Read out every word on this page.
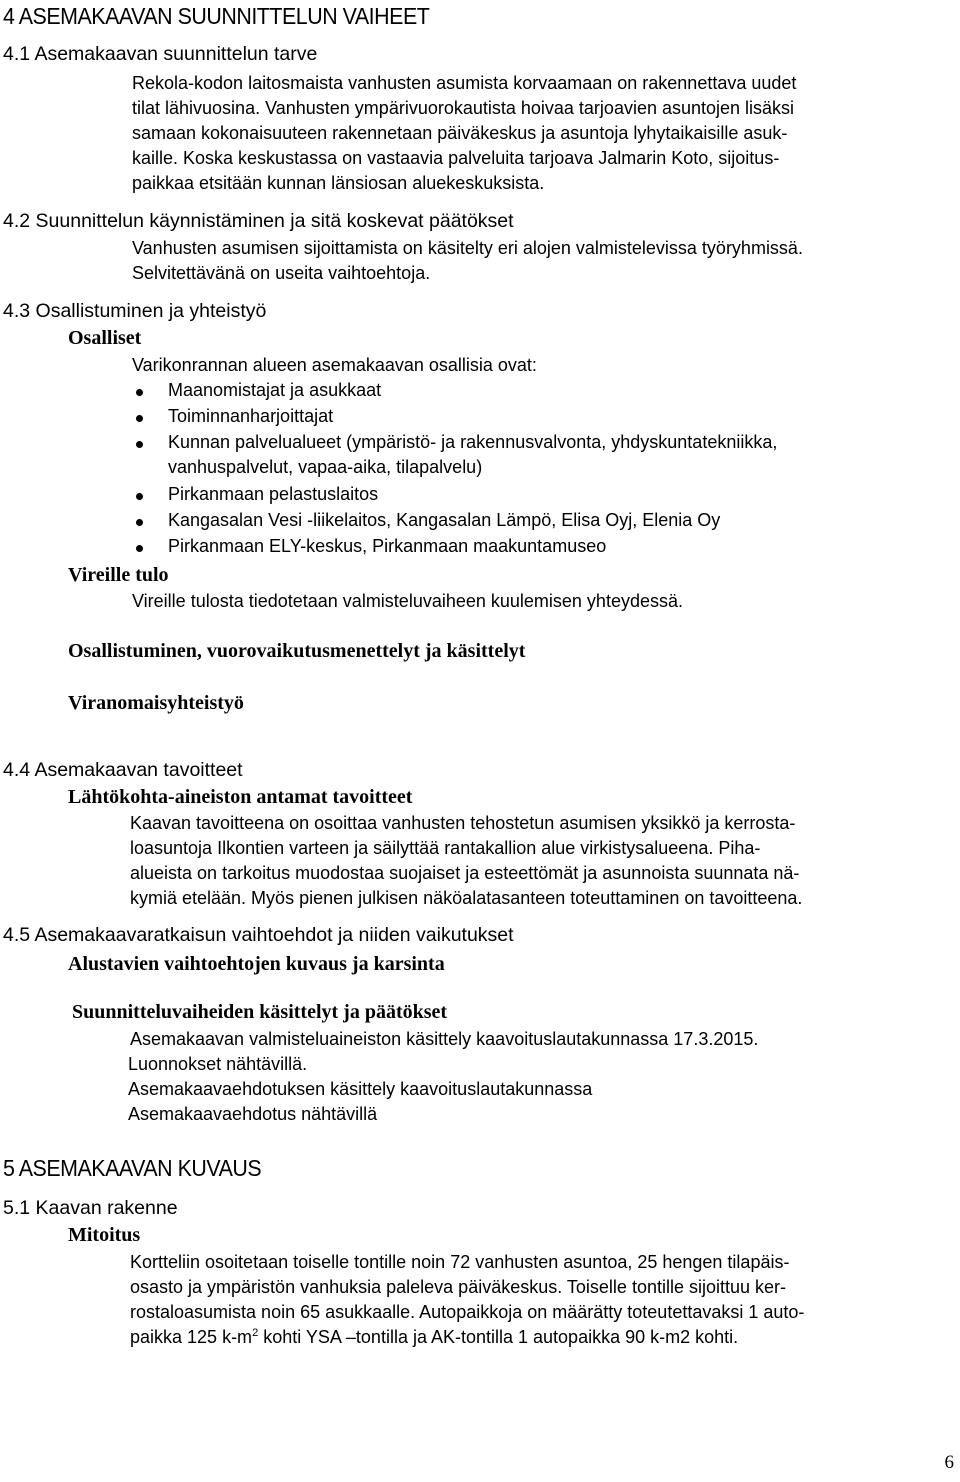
4 ASEMAKAAVAN SUUNNITTELUN VAIHEET
4.1 Asemakaavan suunnittelun tarve
Rekola-kodon laitosmaista vanhusten asumista korvaamaan on rakennettava uudet
tilat lähivuosina. Vanhusten ympärivuorokautista hoivaa tarjoavien asuntojen lisäksi
samaan kokonaisuuteen rakennetaan päiväkeskus ja asuntoja lyhytaikaisille asuk-
kaille. Koska keskustassa on vastaavia palveluita tarjoava Jalmarin Koto, sijoitus-
paikkaa etsitään kunnan länsiosan aluekeskuksista.
4.2 Suunnittelun käynnistäminen ja sitä koskevat päätökset
Vanhusten asumisen sijoittamista on käsitelty eri alojen valmistelevissa työryhmissä.
Selvitettävänä on useita vaihtoehtoja.
4.3 Osallistuminen ja yhteistyö
Osalliset
Varikonrannan alueen asemakaavan osallisia ovat:
Maanomistajat ja asukkaat
Toiminnanharjoittajat
Kunnan palvelualueet (ympäristö- ja rakennusvalvonta, yhdyskuntatekniikka,
vanhuspalvelut, vapaa-aika, tilapalvelu)
Pirkanmaan pelastuslaitos
Kangasalan Vesi -liikelaitos, Kangasalan Lämpö, Elisa Oyj, Elenia Oy
Pirkanmaan ELY-keskus, Pirkanmaan maakuntamuseo
Vireille tulo
Vireille tulosta tiedotetaan valmisteluvaiheen kuulemisen yhteydessä.
Osallistuminen, vuorovaikutusmenettelyt ja käsittelyt
Viranomaisyhteistyö
4.4 Asemakaavan tavoitteet
Lähtökohta-aineiston antamat tavoitteet
Kaavan tavoitteena on osoittaa vanhusten tehostetun asumisen yksikkö ja kerrosta-
loasuntoja Ilkontien varteen ja säilyttää rantakallion alue virkistysalueena. Piha-
alueista on tarkoitus muodostaa suojaiset ja esteettömät ja asunnoista suunnata nä-
kymiä etelään. Myös pienen julkisen näköalatasanteen toteuttaminen on tavoitteena.
4.5 Asemakaavaratkaisun vaihtoehdot ja niiden vaikutukset
Alustavien vaihtoehtojen kuvaus ja karsinta
Suunnitteluvaiheiden käsittelyt ja päätökset
Asemakaavan valmisteluaineiston käsittely kaavoituslautakunnassa 17.3.2015.
Luonnokset nähtävillä.
Asemakaavaehdotuksen käsittely kaavoituslautakunnassa
Asemakaavaehdotus nähtävillä
5 ASEMAKAAVAN KUVAUS
5.1 Kaavan rakenne
Mitoitus
Kortteliin osoitetaan toiselle tontille noin 72 vanhusten asuntoa, 25 hengen tilapäis-
osasto ja ympäristön vanhuksia paleleva päiväkeskus. Toiselle tontille sijoittuu ker-
rostaloasumista noin 65 asukkaalle. Autopaikkoja on määrätty toteutettavaksi 1 auto-
paikka 125 $k-m^2$ kohti YSA –tontilla ja AK-tontilla 1 autopaikka 90 k-m2 kohti.
6
